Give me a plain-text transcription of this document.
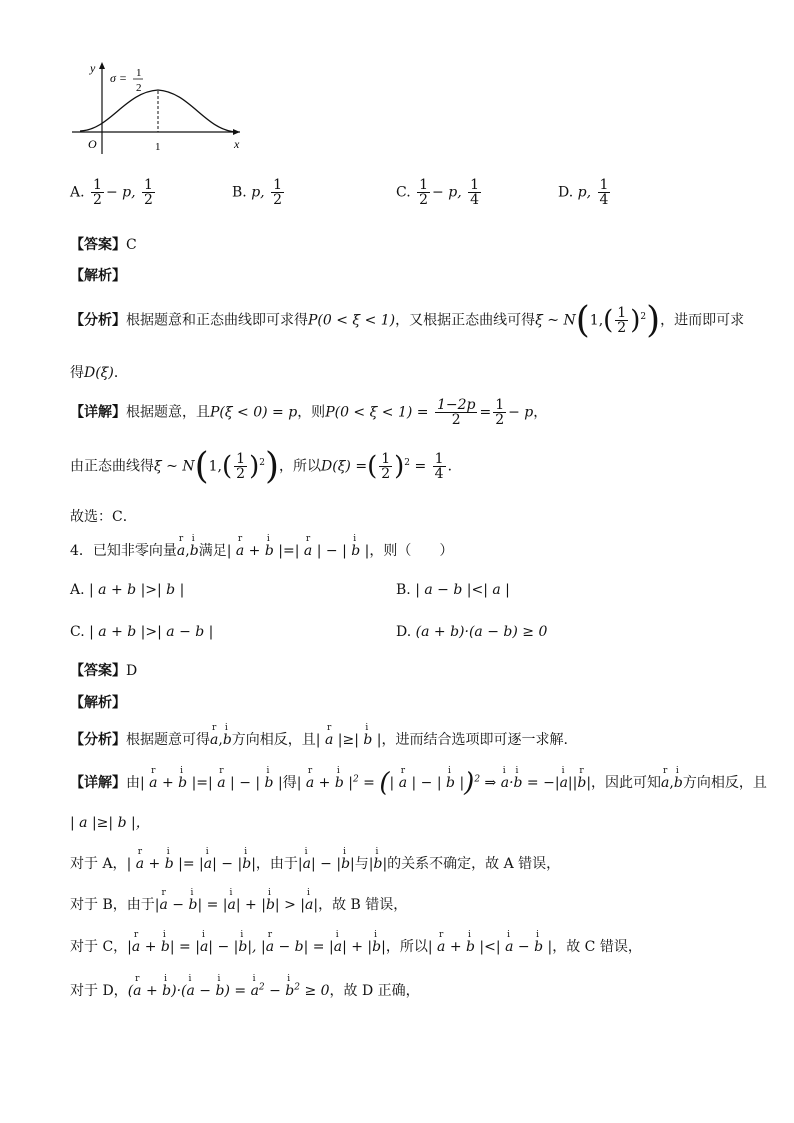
y
x
O	1
σ = 1
2
A. $\frac{1}{2} - p$, $\frac{1}{2}$	B. p, $\frac{1}{2}$	C. $\frac{1}{2} - p$, $\frac{1}{4}$	D. p, $\frac{1}{4}$
【答案】C
【解析】
【分析】根据题意和正态曲线即可求得P(0 < ξ < 1)，又根据正态曲线可得ξ ~ $N(1,( \frac{1}{2} )^2)$，进而即可求
得D(ξ)．
【详解】根据题意，且P(ξ < 0) = p，则$P(0 < \xi < 1) = \frac{1-2p}{2} = \frac{1}{2} - p$，
由正态曲线得ξ ~ $N(1,( \frac{1}{2} )^2)$，所以D(ξ) =( $\frac{1}{2} )^2 = \frac{1}{4}$ ．
故选：C．
4．已知非零向量r a,i b满足| r a + i b |=| r a | − | i b |，则（　　）
A. | a + b |>| b |	B. | a − b |<| a |
C. | a + b |>| a − b |	D. (a + b)·(a − b) ≥ 0
【答案】D
【解析】
【分析】根据题意可得r a,i b方向相反，且| r a |≥| i b |，进而结合选项即可逐一求解.
【详解】由| r a + i b |=| r a | − | i b |得| r a + i b $|^2$ = (| r a | − | i b |)$^2$ ⇒ i a·i b = −|i a||r b|，因此可知r a,i b方向相反，且
| a |≥| b |，
对于 A，| r a + i b |= |i a| − |i b|，由于|i a| − |i b|与|i b|的关系不确定，故 A 错误，
对于 B，由于|r a − i b| = |i a| + |i b| > |i a|，故 B 错误，
对于 C，|r a + i b| = |i a| − |i b|, |r a − b| = |i a| + |i b|，所以| r a + i b |<| i a − i b |，故 C 错误，
对于 D，(r a + i b)·(i a − i b) = i $a^2 - i$ $b^2 \ge 0$，故 D 正确，
